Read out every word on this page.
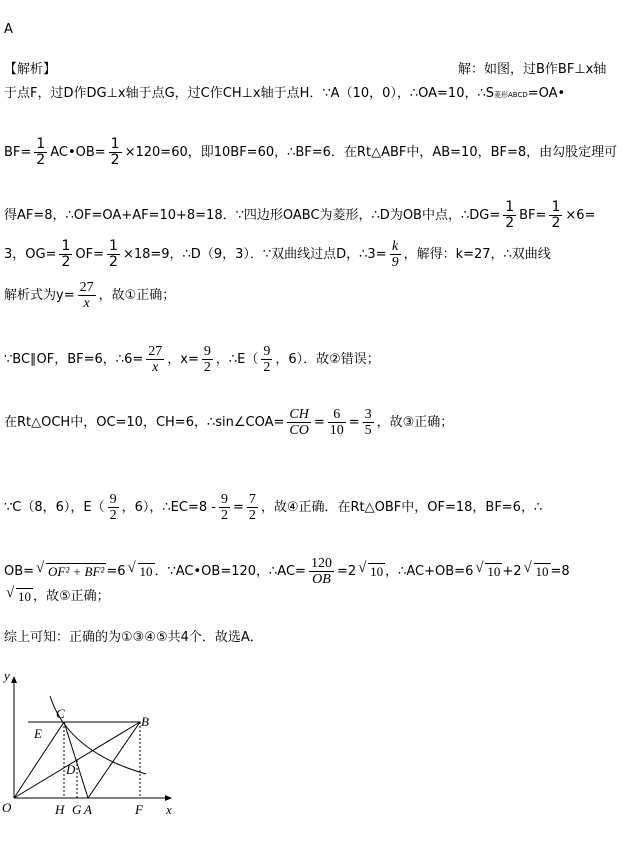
A
【解析】	解：如图，过B作BF⊥x轴
于点F，过D作DG⊥x轴于点G，过C作CH⊥x轴于点H．∵A（10，0），∴OA=10，∴S菱形ABCD=OA•
$BF= \frac{1}{2}$ AC•OB= $\frac{1}{2} \times 120=60$，即10BF=60，∴BF=6．在Rt△ABF中，AB=10，BF=8，由勾股定理可
得AF=8，∴OF=OA+AF=10+8=18．∵四边形OABC为菱形，∴D为OB中点，∴DG= $\frac{1}{2} BF= \frac{1}{2} \times 6=$
3，$OG= \frac{1}{2} OF= \frac{1}{2} \times 18=9$，∴D（9，3）．∵双曲线过点D，∴3= $\frac{k}{9}$ ，解得：k=27，∴双曲线
解析式为$y= \frac{27}{x}$ ，故①正确；
∵BC∥OF，BF=6，∴6= $\frac{27}{x}$ ，$x= \frac{9}{2}$ ，∴E（ $\frac{9}{2}$ ，6）．故②错误；
在Rt△OCH中，OC=10，CH=6，∴sin∠COA= $\frac{CH}{CO} = \frac{6}{10} = \frac{3}{5}$ ，故③正确；
∵C（8，6），$E( \frac{9}{2}$ ，6），∴EC=8 - $\frac{9}{2} = \frac{7}{2}$ ，故④正确．在Rt△OBF中，OF=18，BF=6，∴
OB= √ OF² + BF² =6 √ 10 ．∵AC•OB=120，∴AC= $\frac{120}{OB} =2$ √ 10 ，∴AC+OB=6 √ 10 +2 √ 10 =8
√ 10 ，故⑤正确；
综上可知：正确的为①③④⑤共4个．故选A．
y
x
O
C
B
E
D
H G A	F
